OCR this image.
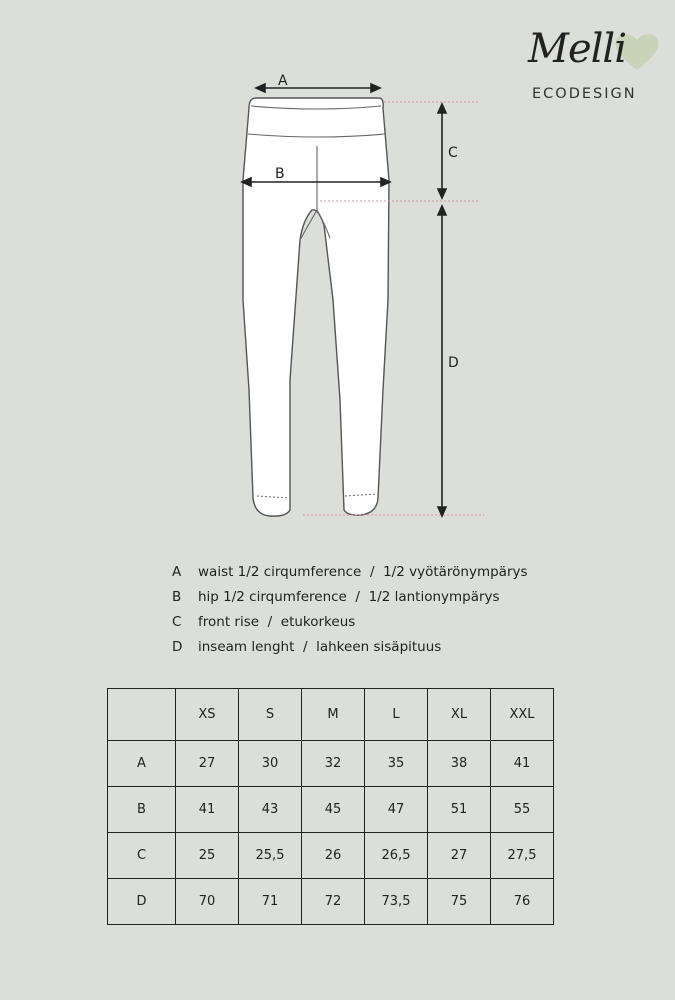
Melli
ECODESIGN
A
B
C
D
A	waist 1/2 cirqumference  /  1/2 vyötärönympärys
B	hip 1/2 cirqumference  /  1/2 lantionympärys
C	front rise  /  etukorkeus
D	inseam lenght  /  lahkeen sisäpituus
	XS	S	M	L	XL	XXL
A	27	30	32	35	38	41
B	41	43	45	47	51	55
C	25	25,5	26	26,5	27	27,5
D	70	71	72	73,5	75	76
